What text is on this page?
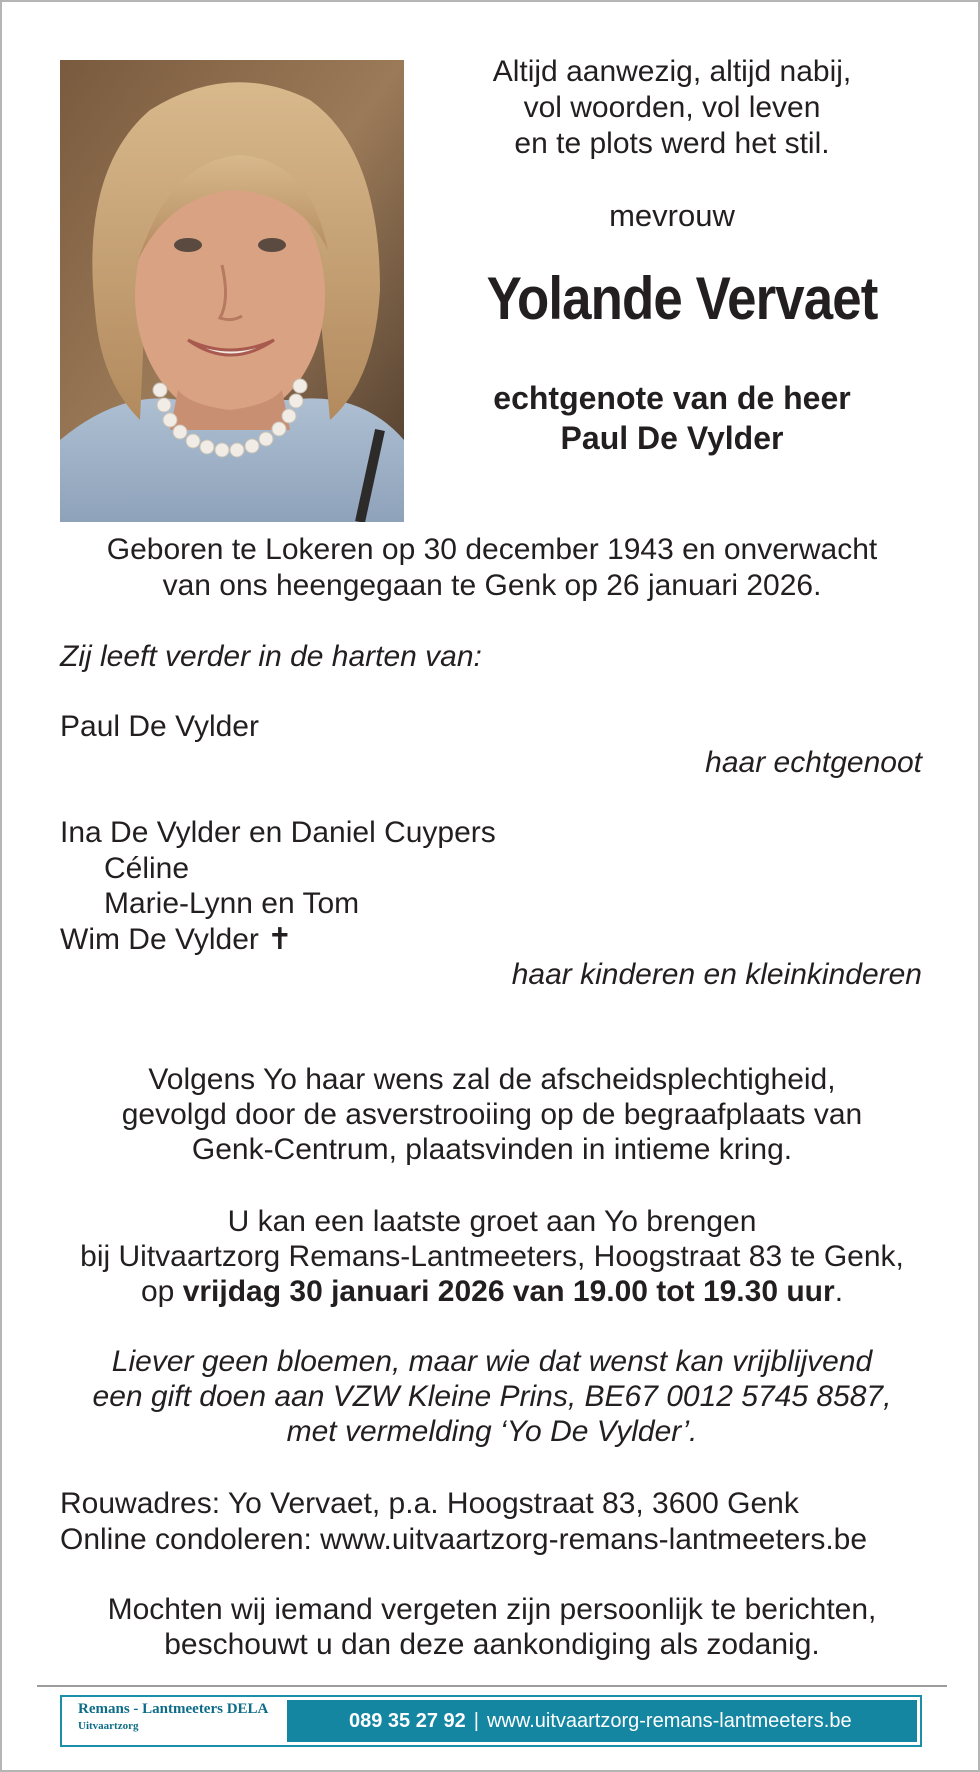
Altijd aanwezig, altijd nabij,
vol woorden, vol leven
en te plots werd het stil.
mevrouw
Yolande Vervaet
echtgenote van de heer
Paul De Vylder
Geboren te Lokeren op 30 december 1943 en onverwacht
van ons heengegaan te Genk op 26 januari 2026.
Zij leeft verder in de harten van:
Paul De Vylder
haar echtgenoot
Ina De Vylder en Daniel Cuypers
Céline
Marie-Lynn en Tom
Wim De Vylder ✝
haar kinderen en kleinkinderen
Volgens Yo haar wens zal de afscheidsplechtigheid,
gevolgd door de asverstrooiing op de begraafplaats van
Genk-Centrum, plaatsvinden in intieme kring.
U kan een laatste groet aan Yo brengen
bij Uitvaartzorg Remans-Lantmeeters, Hoogstraat 83 te Genk,
op vrijdag 30 januari 2026 van 19.00 tot 19.30 uur.
Liever geen bloemen, maar wie dat wenst kan vrijblijvend
een gift doen aan VZW Kleine Prins, BE67 0012 5745 8587,
met vermelding ‘Yo De Vylder’.
Rouwadres: Yo Vervaet, p.a. Hoogstraat 83, 3600 Genk
Online condoleren: www.uitvaartzorg-remans-lantmeeters.be
Mochten wij iemand vergeten zijn persoonlijk te berichten,
beschouwt u dan deze aankondiging als zodanig.
Remans - Lantmeeters DELA
Uitvaartzorg	089 35 27 92 | www.uitvaartzorg-remans-lantmeeters.be
